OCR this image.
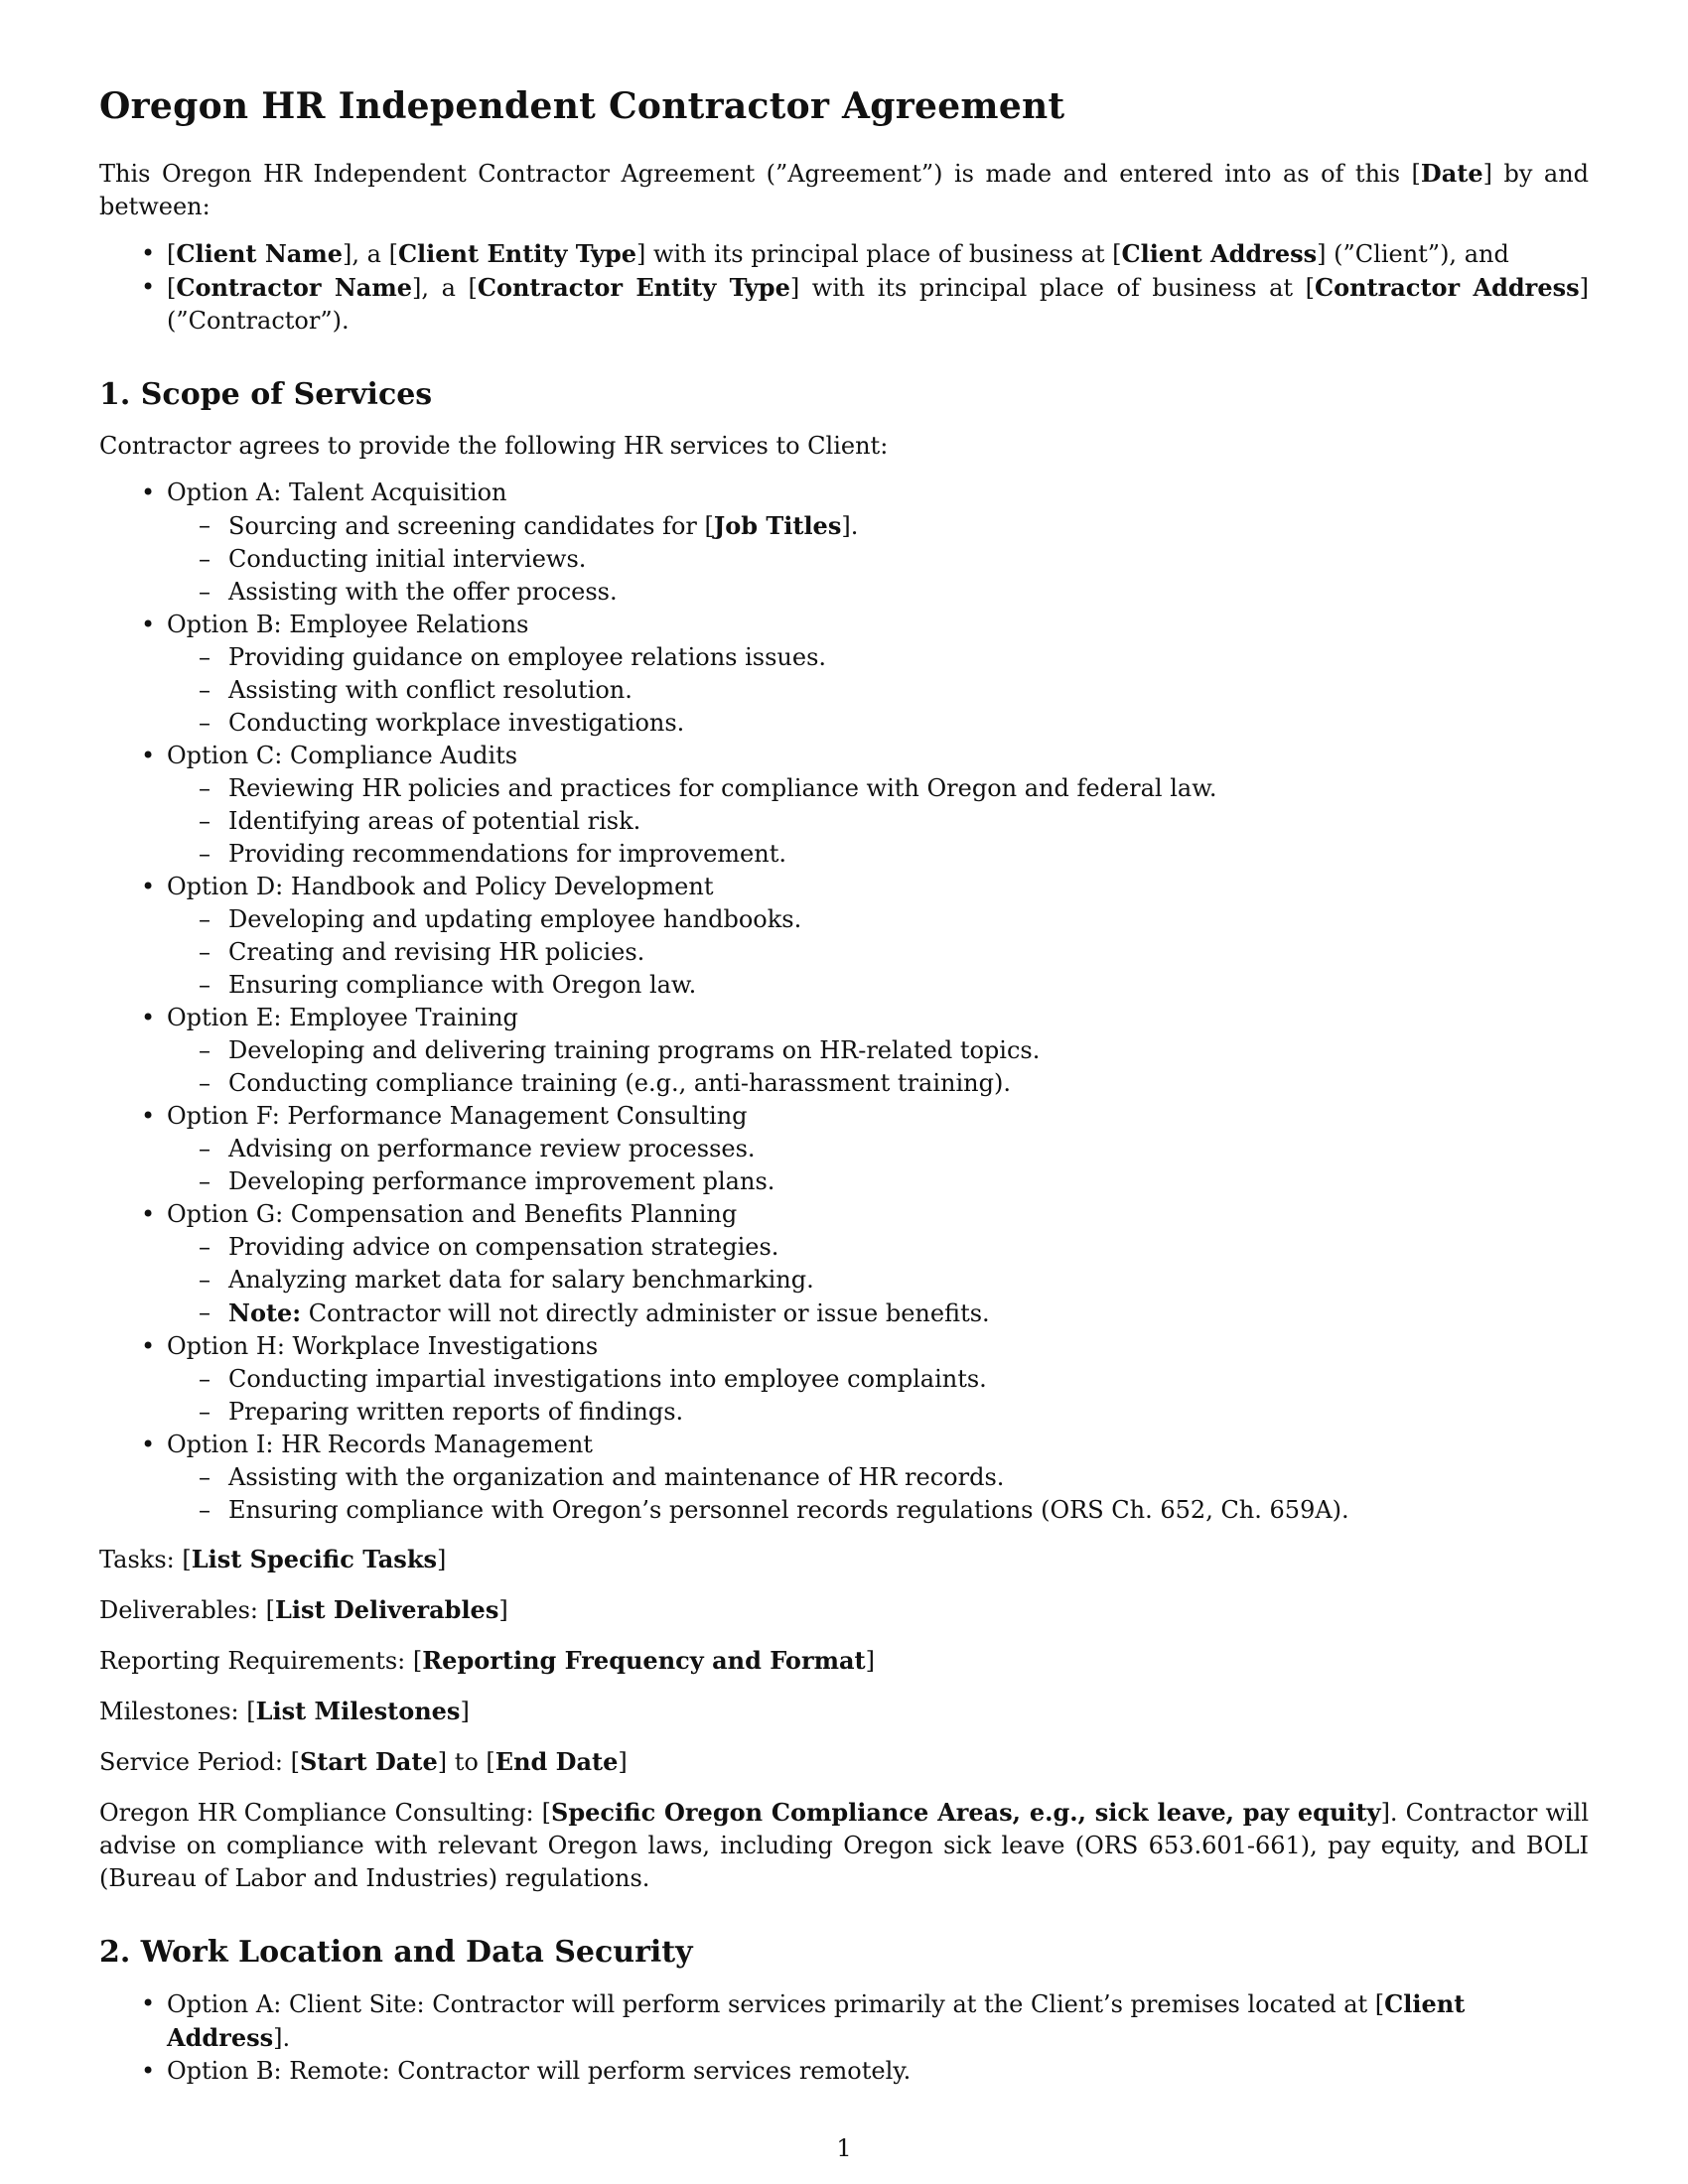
Oregon HR Independent Contractor Agreement

This Oregon HR Independent Contractor Agreement (”Agreement”) is made and entered into as of this [Date] by and between:

• [Client Name], a [Client Entity Type] with its principal place of business at [Client Address] (”Client”), and
• [Contractor Name], a [Contractor Entity Type] with its principal place of business at [Contractor Address] (”Contractor”).
1. Scope of Services

Contractor agrees to provide the following HR services to Client:

• Option A: Talent Acquisition
– Sourcing and screening candidates for [Job Titles].
– Conducting initial interviews.
– Assisting with the offer process.
• Option B: Employee Relations
– Providing guidance on employee relations issues.
– Assisting with conflict resolution.
– Conducting workplace investigations.
• Option C: Compliance Audits
– Reviewing HR policies and practices for compliance with Oregon and federal law.
– Identifying areas of potential risk.
– Providing recommendations for improvement.
• Option D: Handbook and Policy Development
– Developing and updating employee handbooks.
– Creating and revising HR policies.
– Ensuring compliance with Oregon law.
• Option E: Employee Training
– Developing and delivering training programs on HR-related topics.
– Conducting compliance training (e.g., anti-harassment training).
• Option F: Performance Management Consulting
– Advising on performance review processes.
– Developing performance improvement plans.
• Option G: Compensation and Benefits Planning
– Providing advice on compensation strategies.
– Analyzing market data for salary benchmarking.
– Note: Contractor will not directly administer or issue benefits.
• Option H: Workplace Investigations
– Conducting impartial investigations into employee complaints.
– Preparing written reports of findings.
• Option I: HR Records Management
– Assisting with the organization and maintenance of HR records.
– Ensuring compliance with Oregon’s personnel records regulations (ORS Ch. 652, Ch. 659A).

Tasks: [List Specific Tasks]

Deliverables: [List Deliverables]

Reporting Requirements: [Reporting Frequency and Format]

Milestones: [List Milestones]

Service Period: [Start Date] to [End Date]

Oregon HR Compliance Consulting: [Specific Oregon Compliance Areas, e.g., sick leave, pay equity]. Contractor will advise on compliance with relevant Oregon laws, including Oregon sick leave (ORS 653.601-661), pay equity, and BOLI (Bureau of Labor and Industries) regulations.

2. Work Location and Data Security
• Option A: Client Site: Contractor will perform services primarily at the Client’s premises located at [Client Address].
• Option B: Remote: Contractor will perform services remotely.
1
